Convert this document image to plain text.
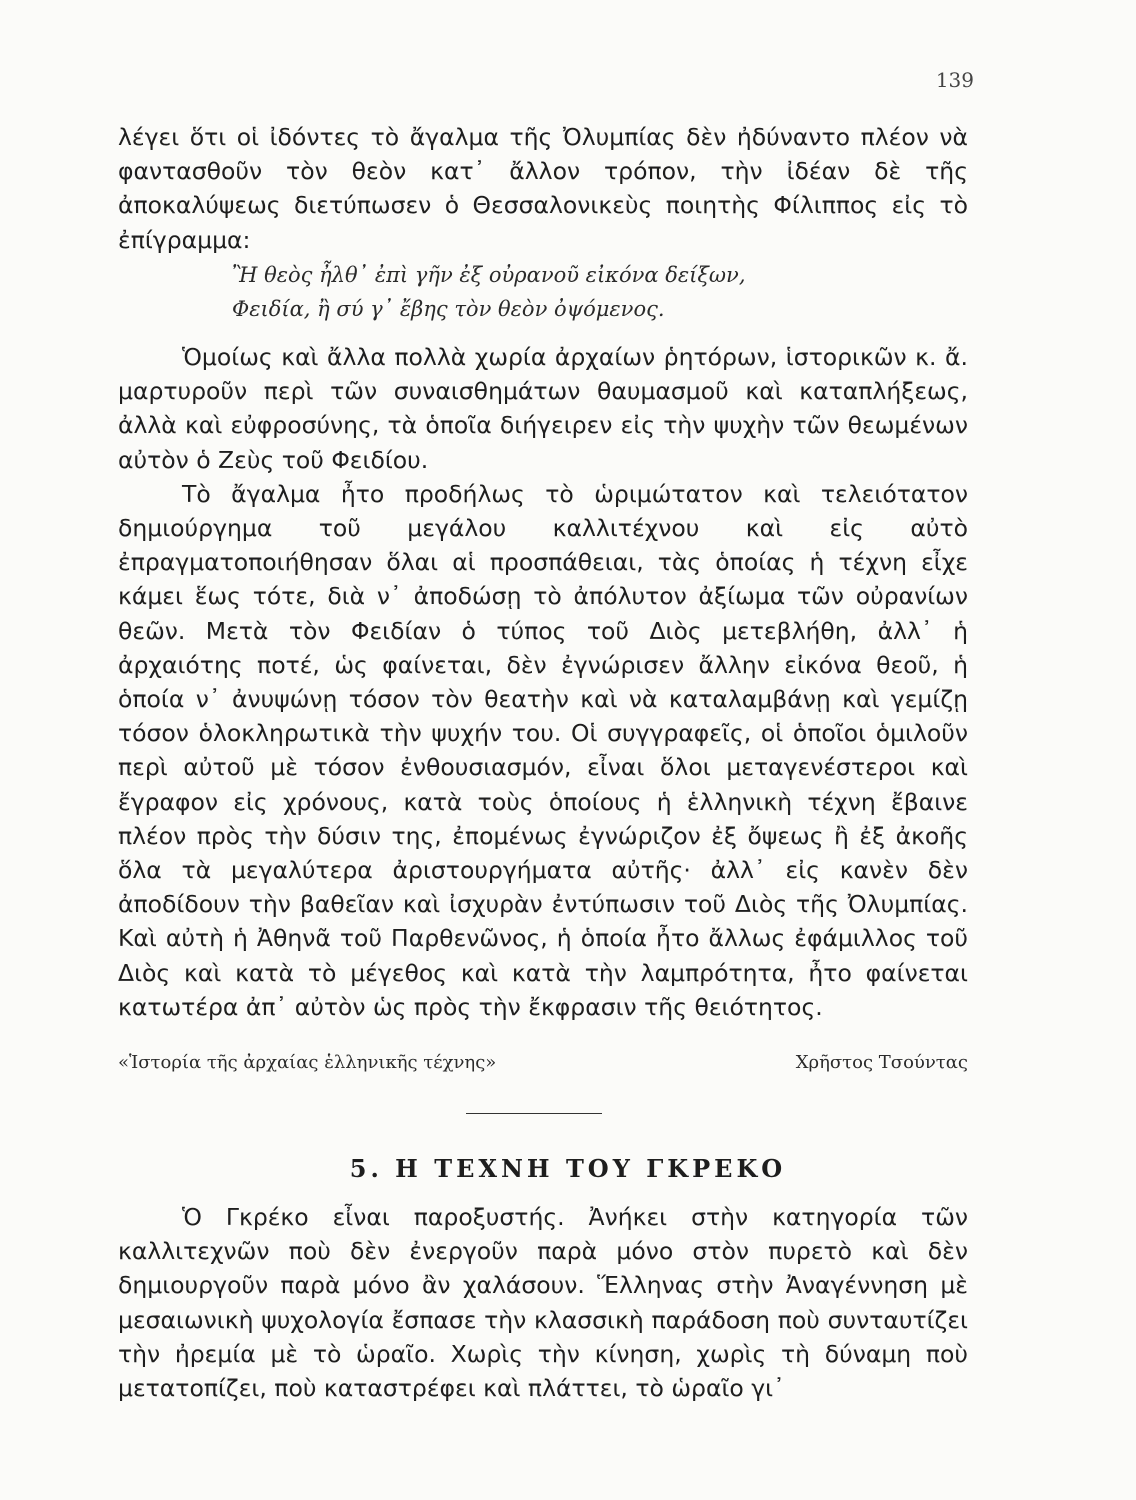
139

λέγει ὅτι οἱ ἰδόντες τὸ ἄγαλμα τῆς Ὀλυμπίας δὲν ἠδύναντο πλέον νὰ φαντασθοῦν τὸν θεὸν κατ᾽ ἄλλον τρόπον, τὴν ἰδέαν δὲ τῆς ἀποκαλύψεως διετύπωσεν ὁ Θεσσαλονικεὺς ποιητὴς Φίλιππος εἰς τὸ ἐπίγραμμα:

Ἢ θεὸς ἦλθ᾽ ἐπὶ γῆν ἐξ οὐρανοῦ εἰκόνα δείξων,
Φειδία, ἢ σύ γ᾽ ἔβης τὸν θεὸν ὀψόμενος.

Ὁμοίως καὶ ἄλλα πολλὰ χωρία ἀρχαίων ῥητόρων, ἱστορικῶν κ. ἄ. μαρτυροῦν περὶ τῶν συναισθημάτων θαυμασμοῦ καὶ καταπλήξεως, ἀλλὰ καὶ εὐφροσύνης, τὰ ὁποῖα διήγειρεν εἰς τὴν ψυχὴν τῶν θεωμένων αὐτὸν ὁ Ζεὺς τοῦ Φειδίου.

Τὸ ἄγαλμα ἦτο προδήλως τὸ ὡριμώτατον καὶ τελειότατον δημιούργημα τοῦ μεγάλου καλλιτέχνου καὶ εἰς αὐτὸ ἐπραγματοποιήθησαν ὅλαι αἱ προσπάθειαι, τὰς ὁποίας ἡ τέχνη εἶχε κάμει ἕως τότε, διὰ ν᾽ ἀποδώσῃ τὸ ἀπόλυτον ἀξίωμα τῶν οὐρανίων θεῶν. Μετὰ τὸν Φειδίαν ὁ τύπος τοῦ Διὸς μετεβλήθη, ἀλλ᾽ ἡ ἀρχαιότης ποτέ, ὡς φαίνεται, δὲν ἐγνώρισεν ἄλλην εἰκόνα θεοῦ, ἡ ὁποία ν᾽ ἀνυψώνῃ τόσον τὸν θεατὴν καὶ νὰ καταλαμβάνῃ καὶ γεμίζῃ τόσον ὁλοκληρωτικὰ τὴν ψυχήν του. Οἱ συγγραφεῖς, οἱ ὁποῖοι ὁμιλοῦν περὶ αὐτοῦ μὲ τόσον ἐνθουσιασμόν, εἶναι ὅλοι μεταγενέστεροι καὶ ἔγραφον εἰς χρόνους, κατὰ τοὺς ὁποίους ἡ ἑλληνικὴ τέχνη ἔβαινε πλέον πρὸς τὴν δύσιν της, ἐπομένως ἐγνώριζον ἐξ ὄψεως ἢ ἐξ ἀκοῆς ὅλα τὰ μεγαλύτερα ἀριστουργήματα αὐτῆς· ἀλλ᾽ εἰς κανὲν δὲν ἀποδίδουν τὴν βαθεῖαν καὶ ἰσχυρὰν ἐντύπωσιν τοῦ Διὸς τῆς Ὀλυμπίας. Καὶ αὐτὴ ἡ Ἀθηνᾶ τοῦ Παρθενῶνος, ἡ ὁποία ἦτο ἄλλως ἐφάμιλλος τοῦ Διὸς καὶ κατὰ τὸ μέγεθος καὶ κατὰ τὴν λαμπρότητα, ἦτο φαίνεται κατωτέρα ἀπ᾽ αὐτὸν ὡς πρὸς τὴν ἔκφρασιν τῆς θειότητος.

«Ἱστορία τῆς ἀρχαίας ἑλληνικῆς τέχνης»	Χρῆστος Τσούντας
5. Η ΤΕΧΝΗ ΤΟΥ ΓΚΡΕΚΟ

Ὁ Γκρέκο εἶναι παροξυστής. Ἀνήκει στὴν κατηγορία τῶν καλλιτεχνῶν ποὺ δὲν ἐνεργοῦν παρὰ μόνο στὸν πυρετὸ καὶ δὲν δημιουργοῦν παρὰ μόνο ἂν χαλάσουν. Ἕλληνας στὴν Ἀναγέννηση μὲ μεσαιωνικὴ ψυχολογία ἔσπασε τὴν κλασσικὴ παράδοση ποὺ συνταυτίζει τὴν ἠρεμία μὲ τὸ ὡραῖο. Χωρὶς τὴν κίνηση, χωρὶς τὴ δύναμη ποὺ μετατοπίζει, ποὺ καταστρέφει καὶ πλάττει, τὸ ὡραῖο γι᾽
